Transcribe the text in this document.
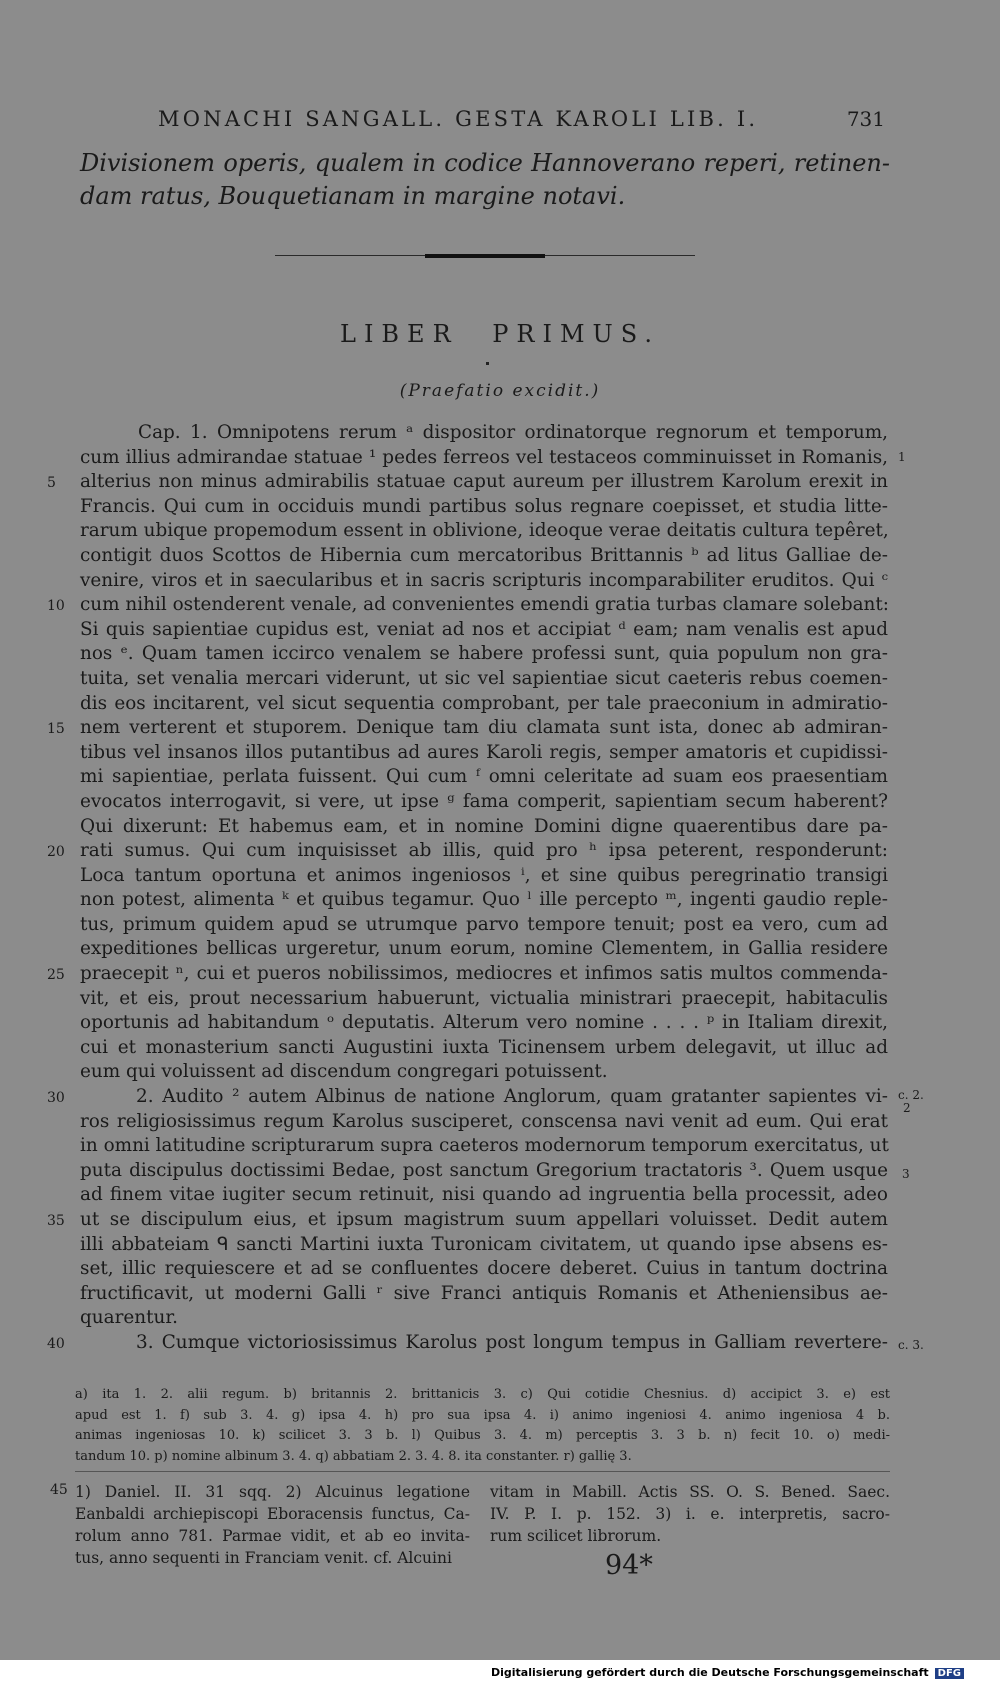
MONACHI SANGALL. GESTA KAROLI LIB. I.	731
Divisionem operis, qualem in codice Hannoverano reperi, retinen-
dam ratus, Bouquetianam in margine notavi.
LIBER PRIMUS.
(Praefatio excidit.)
Cap. 1. Omnipotens rerum ᵃ dispositor ordinatorque regnorum et temporum,
cum illius admirandae statuae ¹ pedes ferreos vel testaceos comminuisset in Romanis,
alterius non minus admirabilis statuae caput aureum per illustrem Karolum erexit in
Francis. Qui cum in occiduis mundi partibus solus regnare coepisset, et studia litte-
rarum ubique propemodum essent in oblivione, ideoque verae deitatis cultura tepêret,
contigit duos Scottos de Hibernia cum mercatoribus Brittannis ᵇ ad litus Galliae de-
venire, viros et in saecularibus et in sacris scripturis incomparabiliter eruditos. Qui ᶜ
cum nihil ostenderent venale, ad convenientes emendi gratia turbas clamare solebant:
Si quis sapientiae cupidus est, veniat ad nos et accipiat ᵈ eam; nam venalis est apud
nos ᵉ. Quam tamen iccirco venalem se habere professi sunt, quia populum non gra-
tuita, set venalia mercari viderunt, ut sic vel sapientiae sicut caeteris rebus coemen-
dis eos incitarent, vel sicut sequentia comprobant, per tale praeconium in admiratio-
nem verterent et stuporem. Denique tam diu clamata sunt ista, donec ab admiran-
tibus vel insanos illos putantibus ad aures Karoli regis, semper amatoris et cupidissi-
mi sapientiae, perlata fuissent. Qui cum ᶠ omni celeritate ad suam eos praesentiam
evocatos interrogavit, si vere, ut ipse ᵍ fama comperit, sapientiam secum haberent?
Qui dixerunt: Et habemus eam, et in nomine Domini digne quaerentibus dare pa-
rati sumus. Qui cum inquisisset ab illis, quid pro ʰ ipsa peterent, responderunt:
Loca tantum oportuna et animos ingeniosos ⁱ, et sine quibus peregrinatio transigi
non potest, alimenta ᵏ et quibus tegamur. Quo ˡ ille percepto ᵐ, ingenti gaudio reple-
tus, primum quidem apud se utrumque parvo tempore tenuit; post ea vero, cum ad
expeditiones bellicas urgeretur, unum eorum, nomine Clementem, in Gallia residere
praecepit ⁿ, cui et pueros nobilissimos, mediocres et infimos satis multos commenda-
vit, et eis, prout necessarium habuerunt, victualia ministrari praecepit, habitaculis
oportunis ad habitandum ᵒ deputatis. Alterum vero nomine . . . . ᵖ in Italiam direxit,
cui et monasterium sancti Augustini iuxta Ticinensem urbem delegavit, ut illuc ad
eum qui voluissent ad discendum congregari potuissent.
2. Audito ² autem Albinus de natione Anglorum, quam gratanter sapientes vi-
ros religiosissimus regum Karolus susciperet, conscensa navi venit ad eum. Qui erat
in omni latitudine scripturarum supra caeteros modernorum temporum exercitatus, ut
puta discipulus doctissimi Bedae, post sanctum Gregorium tractatoris ³. Quem usque
ad finem vitae iugiter secum retinuit, nisi quando ad ingruentia bella processit, adeo
ut se discipulum eius, et ipsum magistrum suum appellari voluisset. Dedit autem
illi abbateiam ᑫ sancti Martini iuxta Turonicam civitatem, ut quando ipse absens es-
set, illic requiescere et ad se confluentes docere deberet. Cuius in tantum doctrina
fructificavit, ut moderni Galli ʳ sive Franci antiquis Romanis et Atheniensibus ae-
quarentur.
3. Cumque victoriosissimus Karolus post longum tempus in Galliam revertere-
5
10
15
20
25
30
35
40
1
c. 2.
2
3
c. 3.
a) ita 1. 2. alii regum. b) britannis 2. brittanicis 3. c) Qui cotidie Chesnius. d) accipict 3. e) est
apud est 1. f) sub 3. 4. g) ipsa 4. h) pro sua ipsa 4. i) animo ingeniosi 4. animo ingeniosa 4 b.
animas ingeniosas 10. k) scilicet 3. 3 b. l) Quibus 3. 4. m) perceptis 3. 3 b. n) fecit 10. o) medi-
tandum 10. p) nomine albinum 3. 4. q) abbatiam 2. 3. 4. 8. ita constanter. r) gallię 3.
45 1) Daniel. II. 31 sqq. 2) Alcuinus legatione
Eanbaldi archiepiscopi Eboracensis functus, Ca-
rolum anno 781. Parmae vidit, et ab eo invita-
tus, anno sequenti in Franciam venit. cf. Alcuini
vitam in Mabill. Actis SS. O. S. Bened. Saec.
IV. P. I. p. 152. 3) i. e. interpretis, sacro-
rum scilicet librorum.
94*
Digitalisierung gefördert durch die Deutsche Forschungsgemeinschaft DFG
